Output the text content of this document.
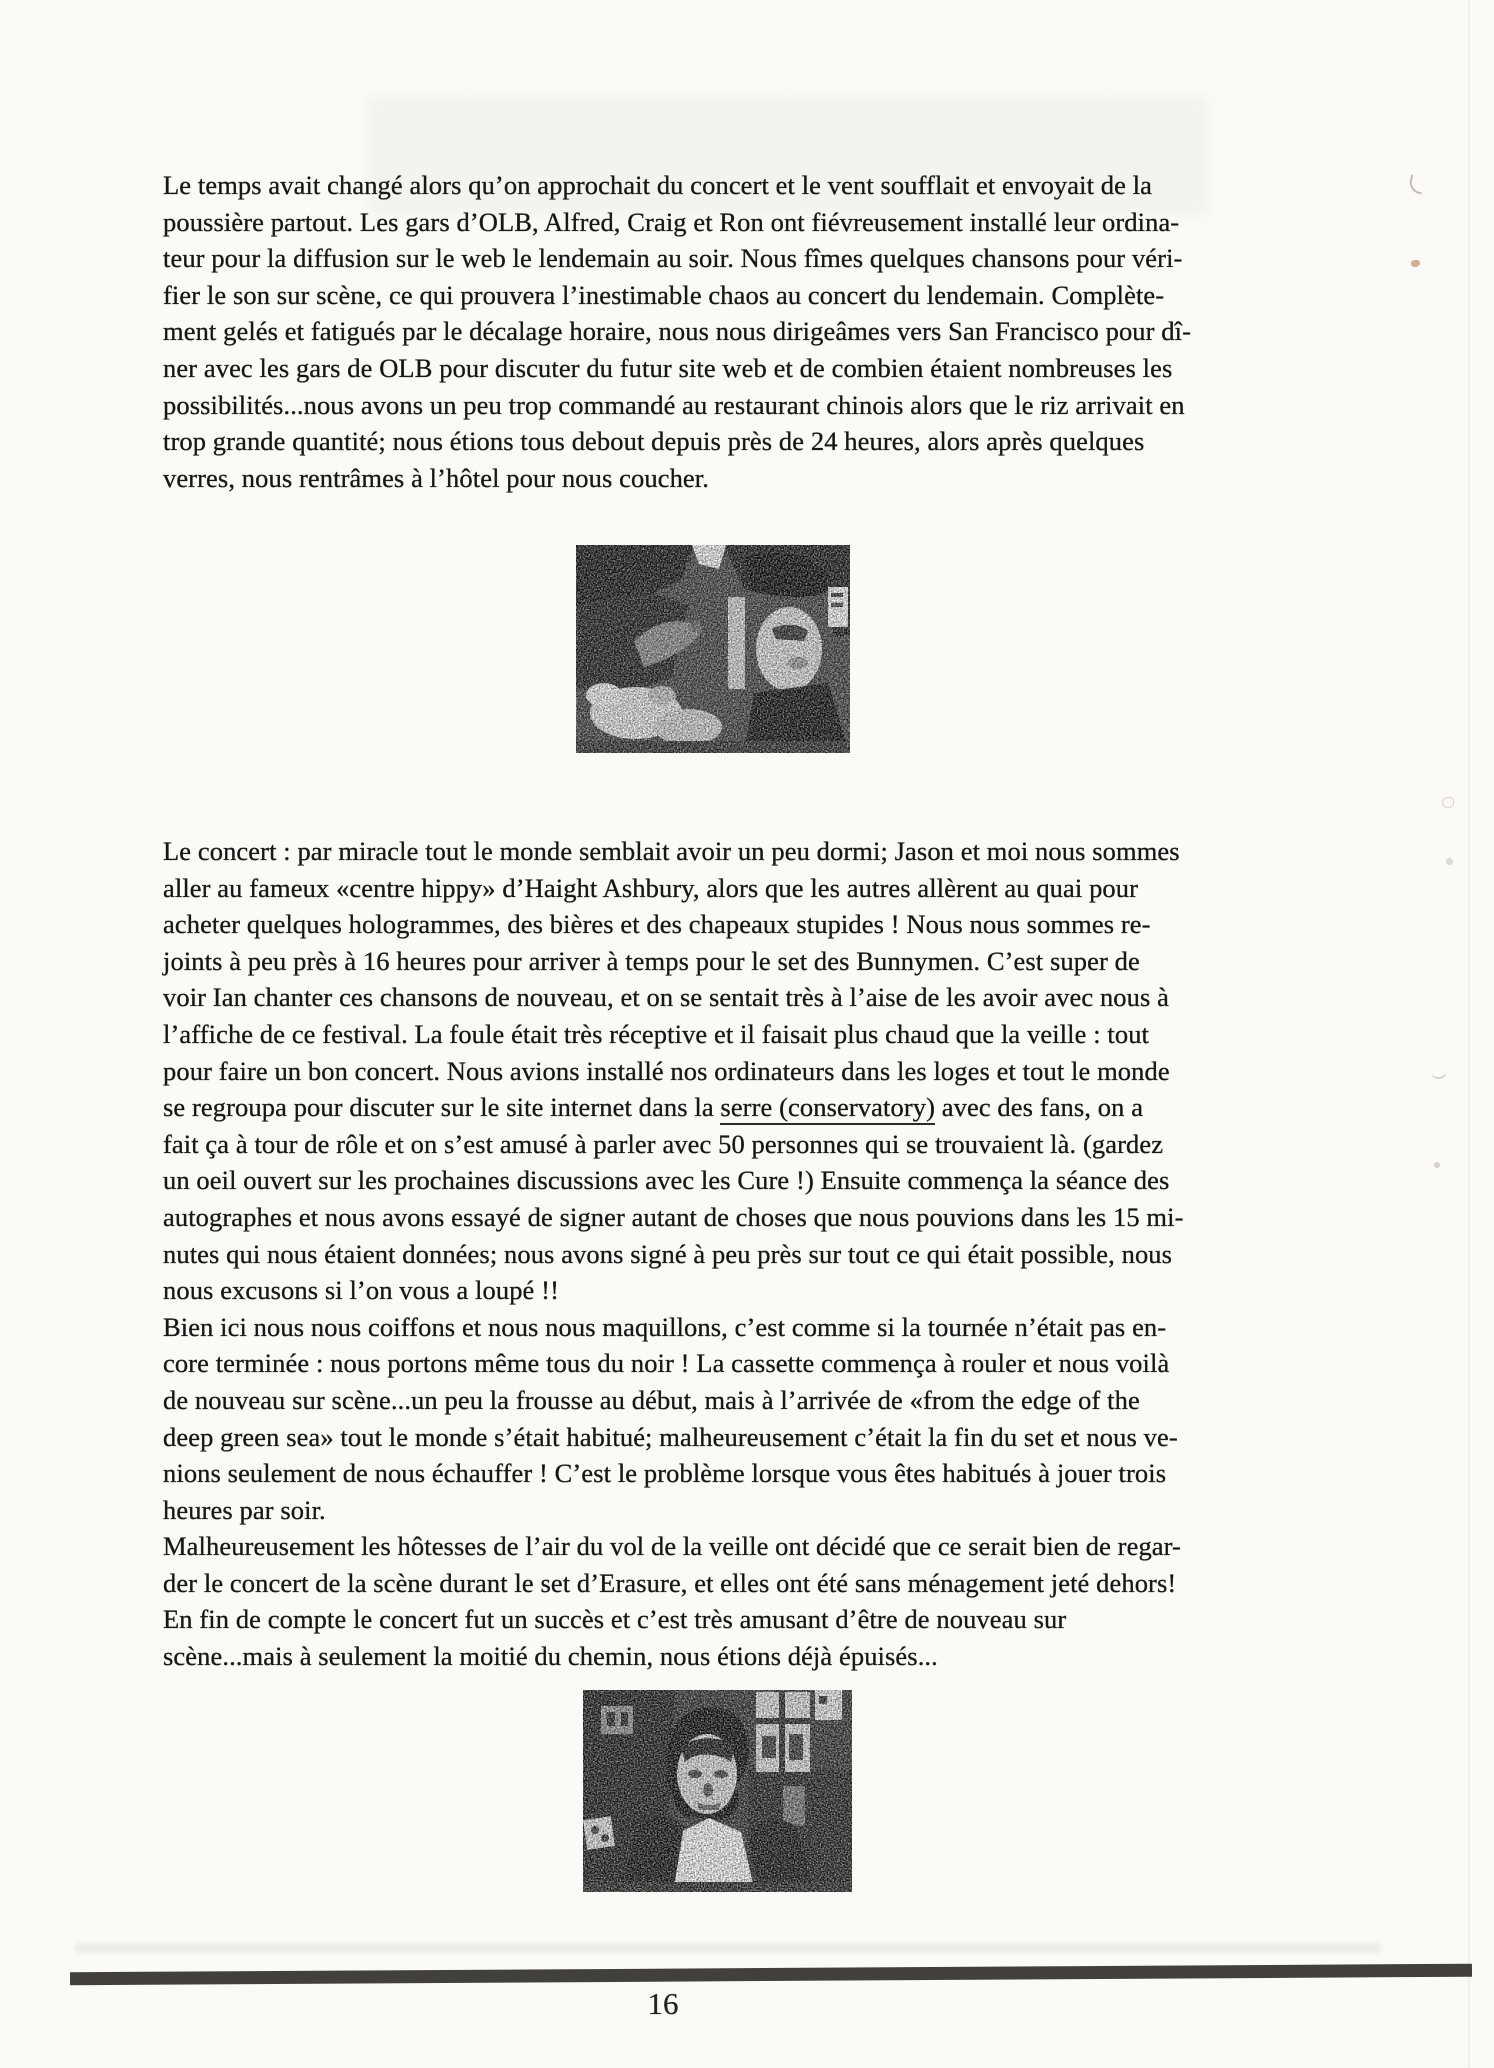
Le temps avait changé alors qu’on approchait du concert et le vent soufflait et envoyait de la
poussière partout. Les gars d’OLB, Alfred, Craig et Ron ont fiévreusement installé leur ordina-
teur pour la diffusion sur le web le lendemain au soir. Nous fîmes quelques chansons pour véri-
fier le son sur scène, ce qui prouvera l’inestimable chaos au concert du lendemain. Complète-
ment gelés et fatigués par le décalage horaire, nous nous dirigeâmes vers San Francisco pour dî-
ner avec les gars de OLB pour discuter du futur site web et de combien étaient nombreuses les
possibilités...nous avons un peu trop commandé au restaurant chinois alors que le riz arrivait en
trop grande quantité; nous étions tous debout depuis près de 24 heures, alors après quelques
verres, nous rentrâmes à l’hôtel pour nous coucher.
Le concert : par miracle tout le monde semblait avoir un peu dormi; Jason et moi nous sommes
aller au fameux «centre hippy» d’Haight Ashbury, alors que les autres allèrent au quai pour
acheter quelques hologrammes, des bières et des chapeaux stupides ! Nous nous sommes re-
joints à peu près à 16 heures pour arriver à temps pour le set des Bunnymen. C’est super de
voir Ian chanter ces chansons de nouveau, et on se sentait très à l’aise de les avoir avec nous à
l’affiche de ce festival. La foule était très réceptive et il faisait plus chaud que la veille : tout
pour faire un bon concert. Nous avions installé nos ordinateurs dans les loges et tout le monde
se regroupa pour discuter sur le site internet dans la serre (conservatory) avec des fans, on a
fait ça à tour de rôle et on s’est amusé à parler avec 50 personnes qui se trouvaient là. (gardez
un oeil ouvert sur les prochaines discussions avec les Cure !) Ensuite commença la séance des
autographes et nous avons essayé de signer autant de choses que nous pouvions dans les 15 mi-
nutes qui nous étaient données; nous avons signé à peu près sur tout ce qui était possible, nous
nous excusons si l’on vous a loupé !!
Bien ici nous nous coiffons et nous nous maquillons, c’est comme si la tournée n’était pas en-
core terminée : nous portons même tous du noir ! La cassette commença à rouler et nous voilà
de nouveau sur scène...un peu la frousse au début, mais à l’arrivée de «from the edge of the
deep green sea» tout le monde s’était habitué; malheureusement c’était la fin du set et nous ve-
nions seulement de nous échauffer ! C’est le problème lorsque vous êtes habitués à jouer trois
heures par soir.
Malheureusement les hôtesses de l’air du vol de la veille ont décidé que ce serait bien de regar-
der le concert de la scène durant le set d’Erasure, et elles ont été sans ménagement jeté dehors!
En fin de compte le concert fut un succès et c’est très amusant d’être de nouveau sur
scène...mais à seulement la moitié du chemin, nous étions déjà épuisés...
16
